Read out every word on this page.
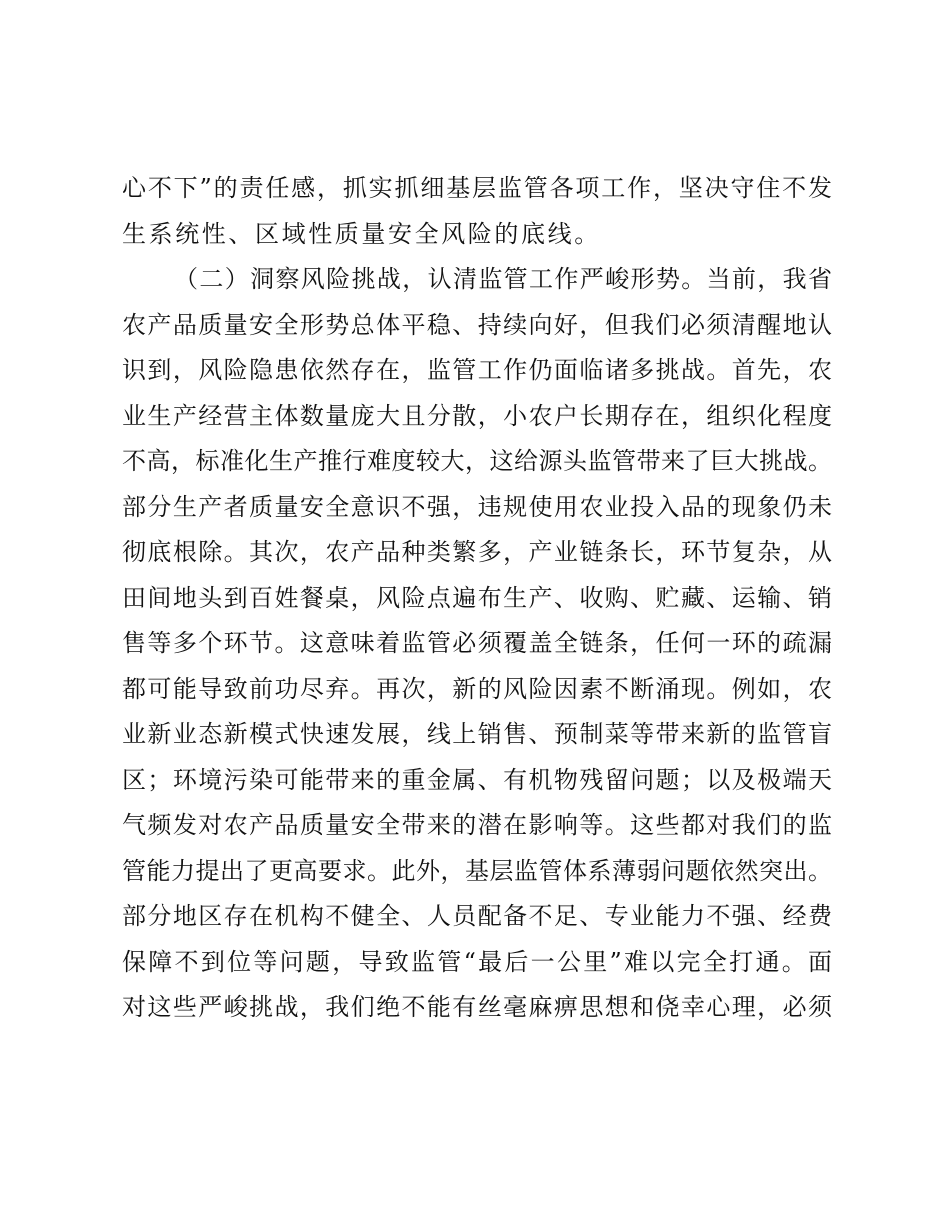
心不下”的责任感，抓实抓细基层监管各项工作，坚决守住不发
生系统性、区域性质量安全风险的底线。
（二）洞察风险挑战，认清监管工作严峻形势。当前，我省
农产品质量安全形势总体平稳、持续向好，但我们必须清醒地认
识到，风险隐患依然存在，监管工作仍面临诸多挑战。首先，农
业生产经营主体数量庞大且分散，小农户长期存在，组织化程度
不高，标准化生产推行难度较大，这给源头监管带来了巨大挑战。
部分生产者质量安全意识不强，违规使用农业投入品的现象仍未
彻底根除。其次，农产品种类繁多，产业链条长，环节复杂，从
田间地头到百姓餐桌，风险点遍布生产、收购、贮藏、运输、销
售等多个环节。这意味着监管必须覆盖全链条，任何一环的疏漏
都可能导致前功尽弃。再次，新的风险因素不断涌现。例如，农
业新业态新模式快速发展，线上销售、预制菜等带来新的监管盲
区；环境污染可能带来的重金属、有机物残留问题；以及极端天
气频发对农产品质量安全带来的潜在影响等。这些都对我们的监
管能力提出了更高要求。此外，基层监管体系薄弱问题依然突出。
部分地区存在机构不健全、人员配备不足、专业能力不强、经费
保障不到位等问题，导致监管“最后一公里”难以完全打通。面
对这些严峻挑战，我们绝不能有丝毫麻痹思想和侥幸心理，必须
